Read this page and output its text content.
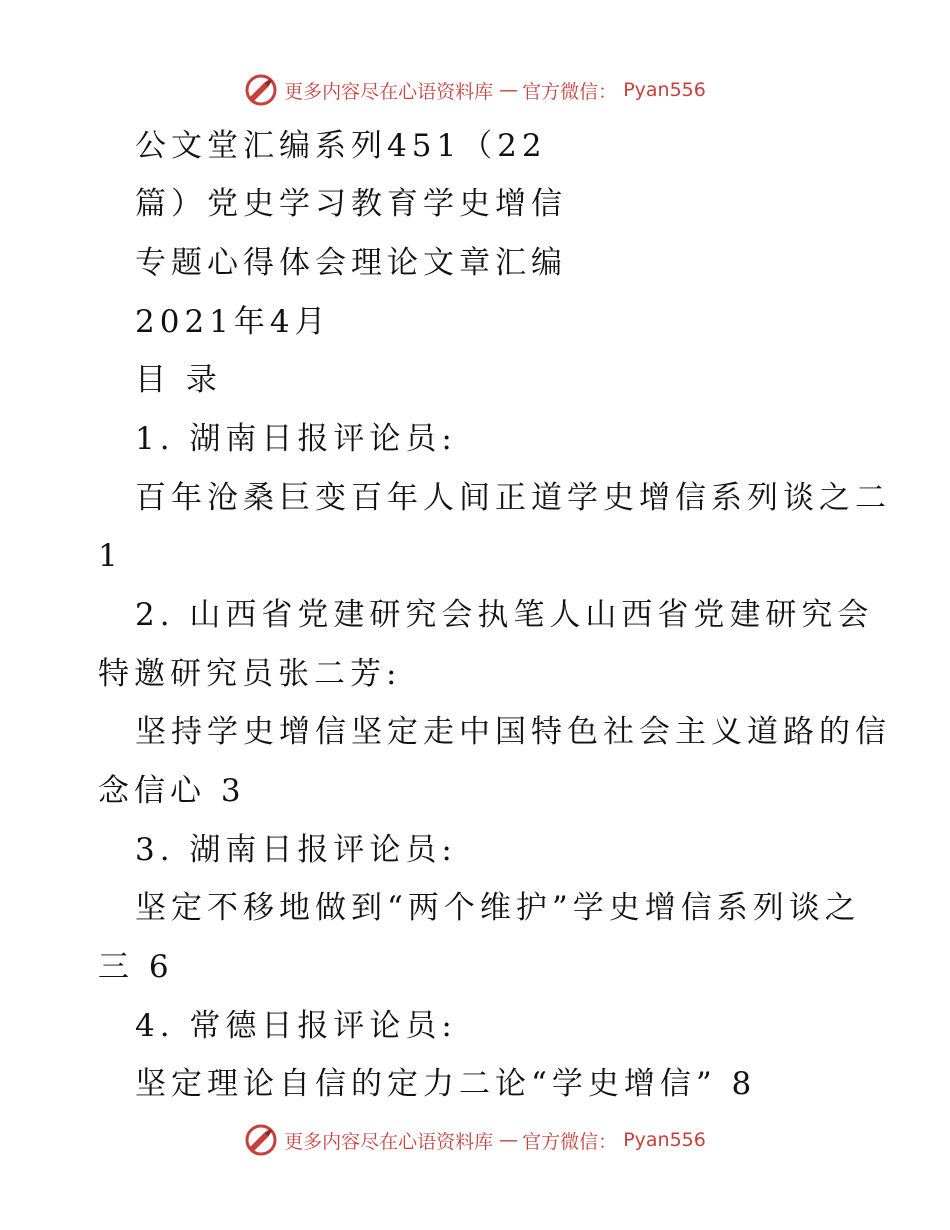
更多内容尽在心语资料库 — 官方微信： Pyan556
公文堂汇编系列451（22
篇）党史学习教育学史增信
专题心得体会理论文章汇编
2021年4月
目 录
1. 湖南日报评论员:
百年沧桑巨变百年人间正道学史增信系列谈之二
1
2. 山西省党建研究会执笔人山西省党建研究会
特邀研究员张二芳:
坚持学史增信坚定走中国特色社会主义道路的信
念信心 3
3. 湖南日报评论员:
坚定不移地做到“两个维护”学史增信系列谈之
三 6
4. 常德日报评论员:
坚定理论自信的定力二论“学史增信” 8
更多内容尽在心语资料库 — 官方微信： Pyan556
